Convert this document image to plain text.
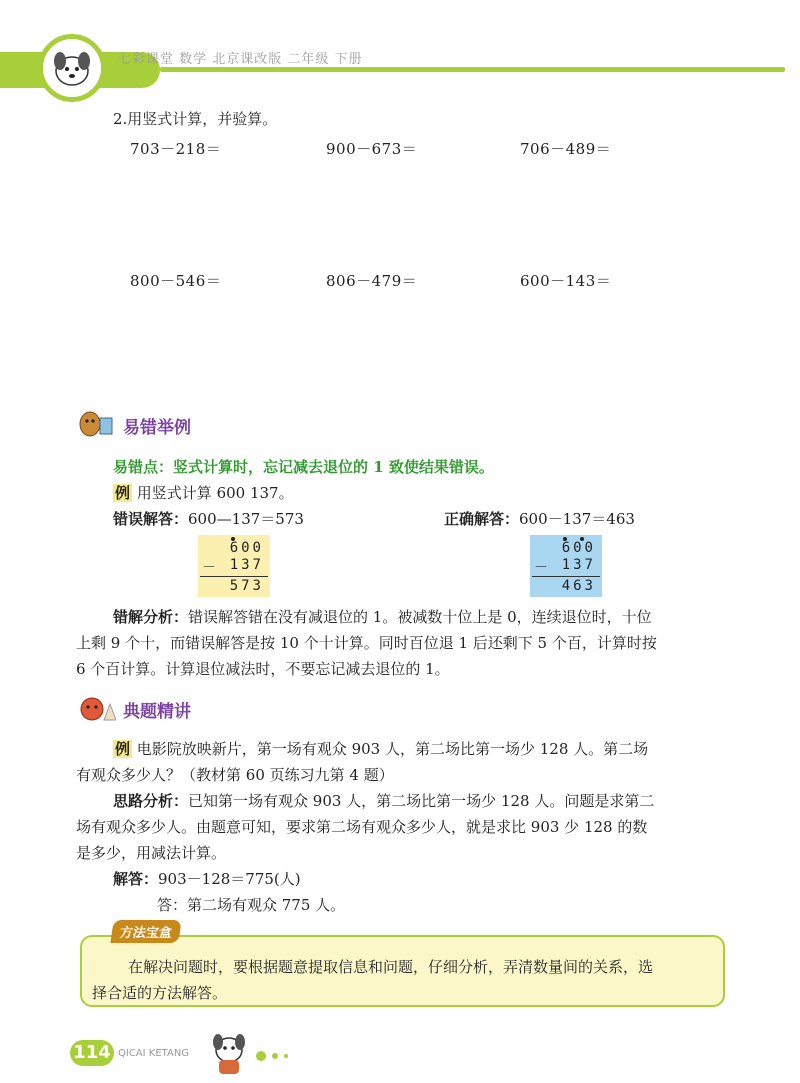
七彩课堂 数学 北京课改版 二年级 下册
2.用竖式计算，并验算。
703－218＝	900－673＝	706－489＝
800－546＝	806－479＝	600－143＝
易错举例
易错点：竖式计算时，忘记减去退位的 1 致使结果错误。
例 用竖式计算 600 137。
错误解答：600—137＝573	正确解答：600－137＝463
600
－ 137
573
600
－ 137
463
错解分析：错误解答错在没有减退位的 1。被减数十位上是 0，连续退位时，十位
上剩 9 个十，而错误解答是按 10 个十计算。同时百位退 1 后还剩下 5 个百，计算时按
6 个百计算。计算退位减法时，不要忘记减去退位的 1。
典题精讲
例 电影院放映新片，第一场有观众 903 人，第二场比第一场少 128 人。第二场
有观众多少人？（教材第 60 页练习九第 4 题）
思路分析：已知第一场有观众 903 人，第二场比第一场少 128 人。问题是求第二
场有观众多少人。由题意可知，要求第二场有观众多少人，就是求比 903 少 128 的数
是多少，用减法计算。
解答：903－128＝775(人)
答：第二场有观众 775 人。
方法宝盒
在解决问题时，要根据题意提取信息和问题，仔细分析，弄清数量间的关系，选
择合适的方法解答。
114 QICAI KETANG
